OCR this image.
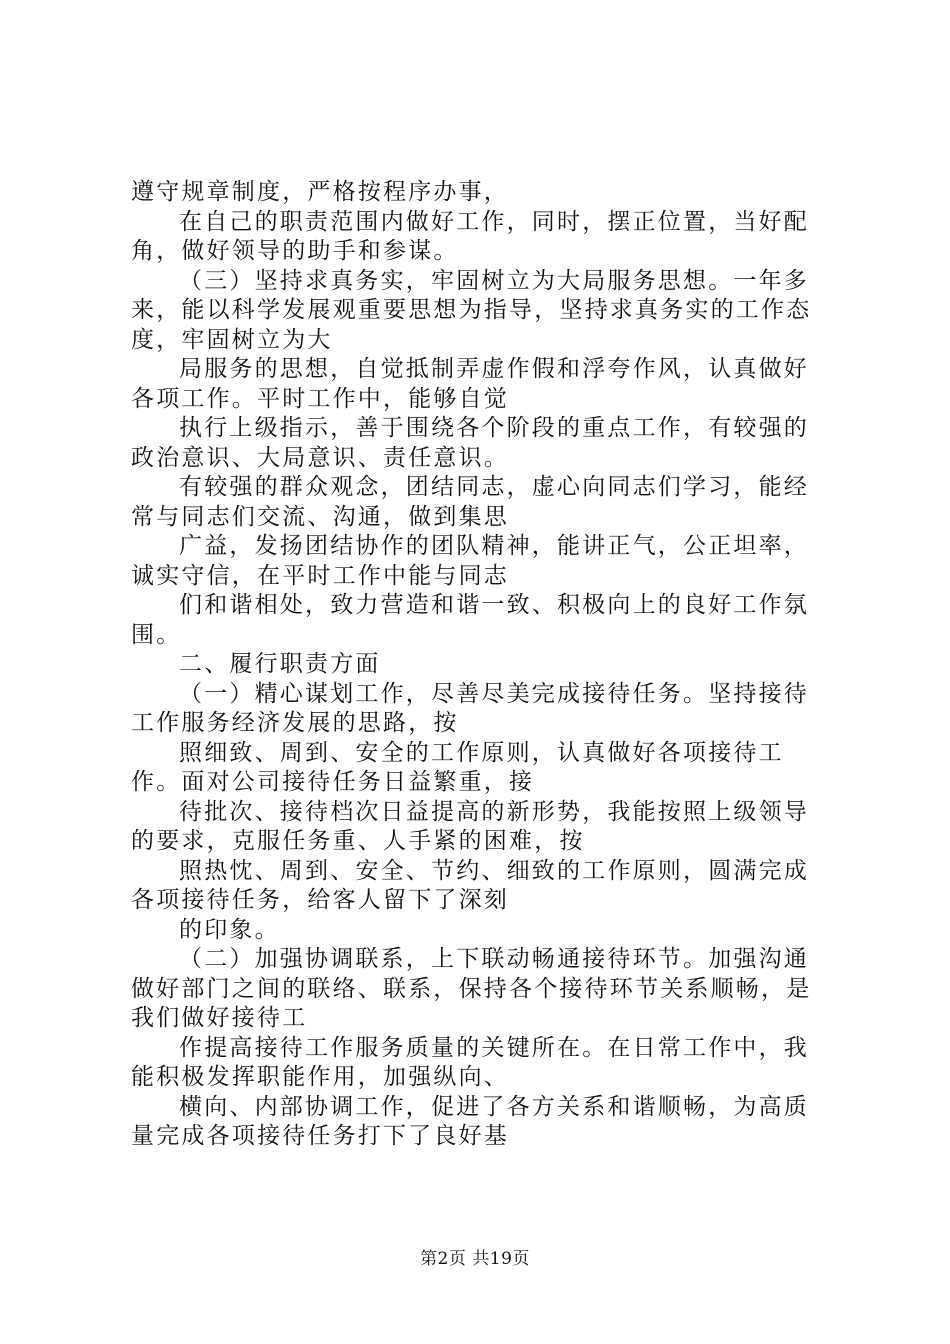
遵守规章制度，严格按程序办事，

在自己的职责范围内做好工作，同时，摆正位置，当好配角，做好领导的助手和参谋。

（三）坚持求真务实，牢固树立为大局服务思想。一年多来，能以科学发展观重要思想为指导，坚持求真务实的工作态度，牢固树立为大

局服务的思想，自觉抵制弄虚作假和浮夸作风，认真做好各项工作。平时工作中，能够自觉

执行上级指示，善于围绕各个阶段的重点工作，有较强的政治意识、大局意识、责任意识。

有较强的群众观念，团结同志，虚心向同志们学习，能经常与同志们交流、沟通，做到集思

广益，发扬团结协作的团队精神，能讲正气，公正坦率，诚实守信，在平时工作中能与同志

们和谐相处，致力营造和谐一致、积极向上的良好工作氛围。

二、履行职责方面

（一）精心谋划工作，尽善尽美完成接待任务。坚持接待工作服务经济发展的思路，按

照细致、周到、安全的工作原则，认真做好各项接待工作。面对公司接待任务日益繁重，接

待批次、接待档次日益提高的新形势，我能按照上级领导的要求，克服任务重、人手紧的困难，按

照热忱、周到、安全、节约、细致的工作原则，圆满完成各项接待任务，给客人留下了深刻

的印象。

（二）加强协调联系，上下联动畅通接待环节。加强沟通做好部门之间的联络、联系，保持各个接待环节关系顺畅，是我们做好接待工

作提高接待工作服务质量的关键所在。在日常工作中，我能积极发挥职能作用，加强纵向、

横向、内部协调工作，促进了各方关系和谐顺畅，为高质量完成各项接待任务打下了良好基

第2页 共19页
